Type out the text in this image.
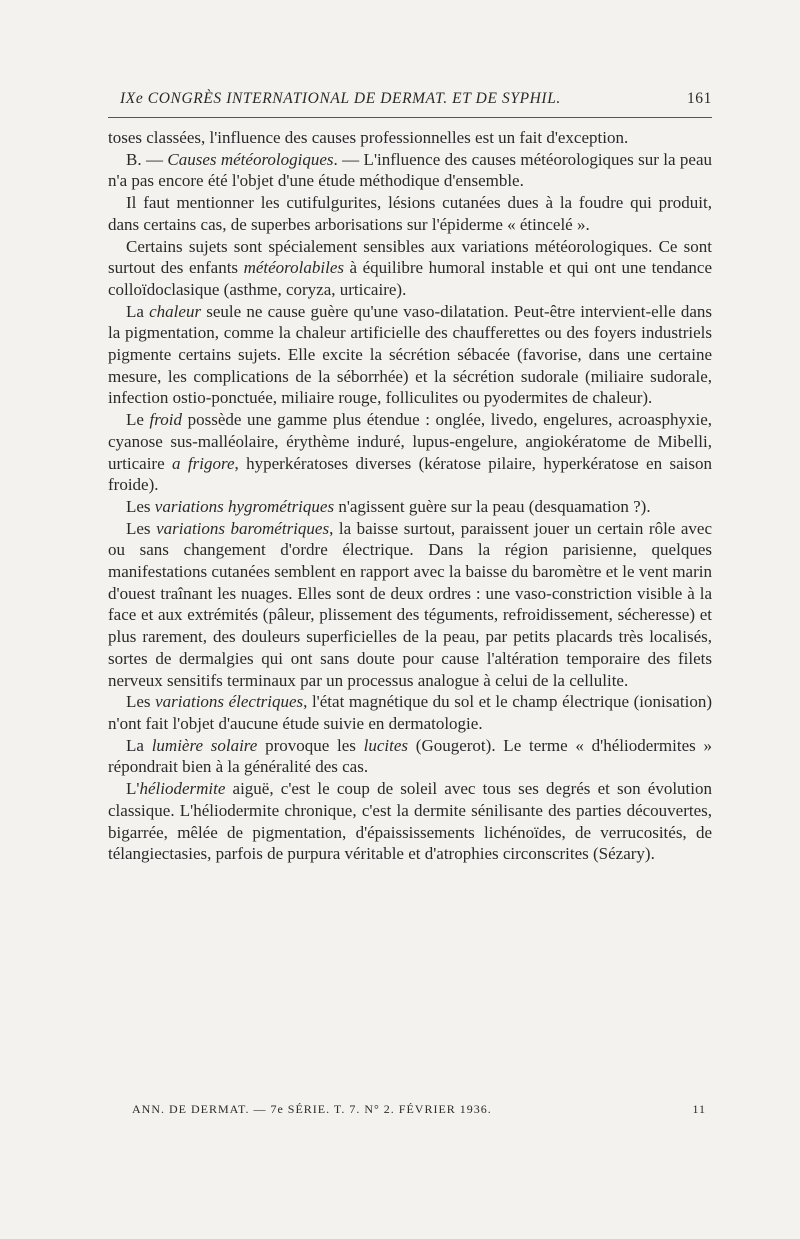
IXe CONGRÈS INTERNATIONAL DE DERMAT. ET DE SYPHIL.	161

toses classées, l'influence des causes professionnelles est un fait d'exception.

B. — Causes météorologiques. — L'influence des causes météorologiques sur la peau n'a pas encore été l'objet d'une étude méthodique d'ensemble.

Il faut mentionner les cutifulgurites, lésions cutanées dues à la foudre qui produit, dans certains cas, de superbes arborisations sur l'épiderme « étincelé ».

Certains sujets sont spécialement sensibles aux variations météorologiques. Ce sont surtout des enfants météorolabiles à équilibre humoral instable et qui ont une tendance colloïdoclasique (asthme, coryza, urticaire).

La chaleur seule ne cause guère qu'une vaso-dilatation. Peut-être intervient-elle dans la pigmentation, comme la chaleur artificielle des chaufferettes ou des foyers industriels pigmente certains sujets. Elle excite la sécrétion sébacée (favorise, dans une certaine mesure, les complications de la séborrhée) et la sécrétion sudorale (miliaire sudorale, infection ostio-ponctuée, miliaire rouge, folliculites ou pyodermites de chaleur).

Le froid possède une gamme plus étendue : onglée, livedo, engelures, acroasphyxie, cyanose sus-malléolaire, érythème induré, lupus-engelure, angiokératome de Mibelli, urticaire a frigore, hyperkératoses diverses (kératose pilaire, hyperkératose en saison froide).

Les variations hygrométriques n'agissent guère sur la peau (desquamation ?).

Les variations barométriques, la baisse surtout, paraissent jouer un certain rôle avec ou sans changement d'ordre électrique. Dans la région parisienne, quelques manifestations cutanées semblent en rapport avec la baisse du baromètre et le vent marin d'ouest traînant les nuages. Elles sont de deux ordres : une vaso-constriction visible à la face et aux extrémités (pâleur, plissement des téguments, refroidissement, sécheresse) et plus rarement, des douleurs superficielles de la peau, par petits placards très localisés, sortes de dermalgies qui ont sans doute pour cause l'altération temporaire des filets nerveux sensitifs terminaux par un processus analogue à celui de la cellulite.

Les variations électriques, l'état magnétique du sol et le champ électrique (ionisation) n'ont fait l'objet d'aucune étude suivie en dermatologie.

La lumière solaire provoque les lucites (Gougerot). Le terme « d'héliodermites » répondrait bien à la généralité des cas.

L'héliodermite aiguë, c'est le coup de soleil avec tous ses degrés et son évolution classique. L'héliodermite chronique, c'est la dermite sénilisante des parties découvertes, bigarrée, mêlée de pigmentation, d'épaississements lichénoïdes, de verrucosités, de télangiectasies, parfois de purpura véritable et d'atrophies circonscrites (Sézary).

ANN. DE DERMAT. — 7e SÉRIE. T. 7. N° 2. FÉVRIER 1936.	11
